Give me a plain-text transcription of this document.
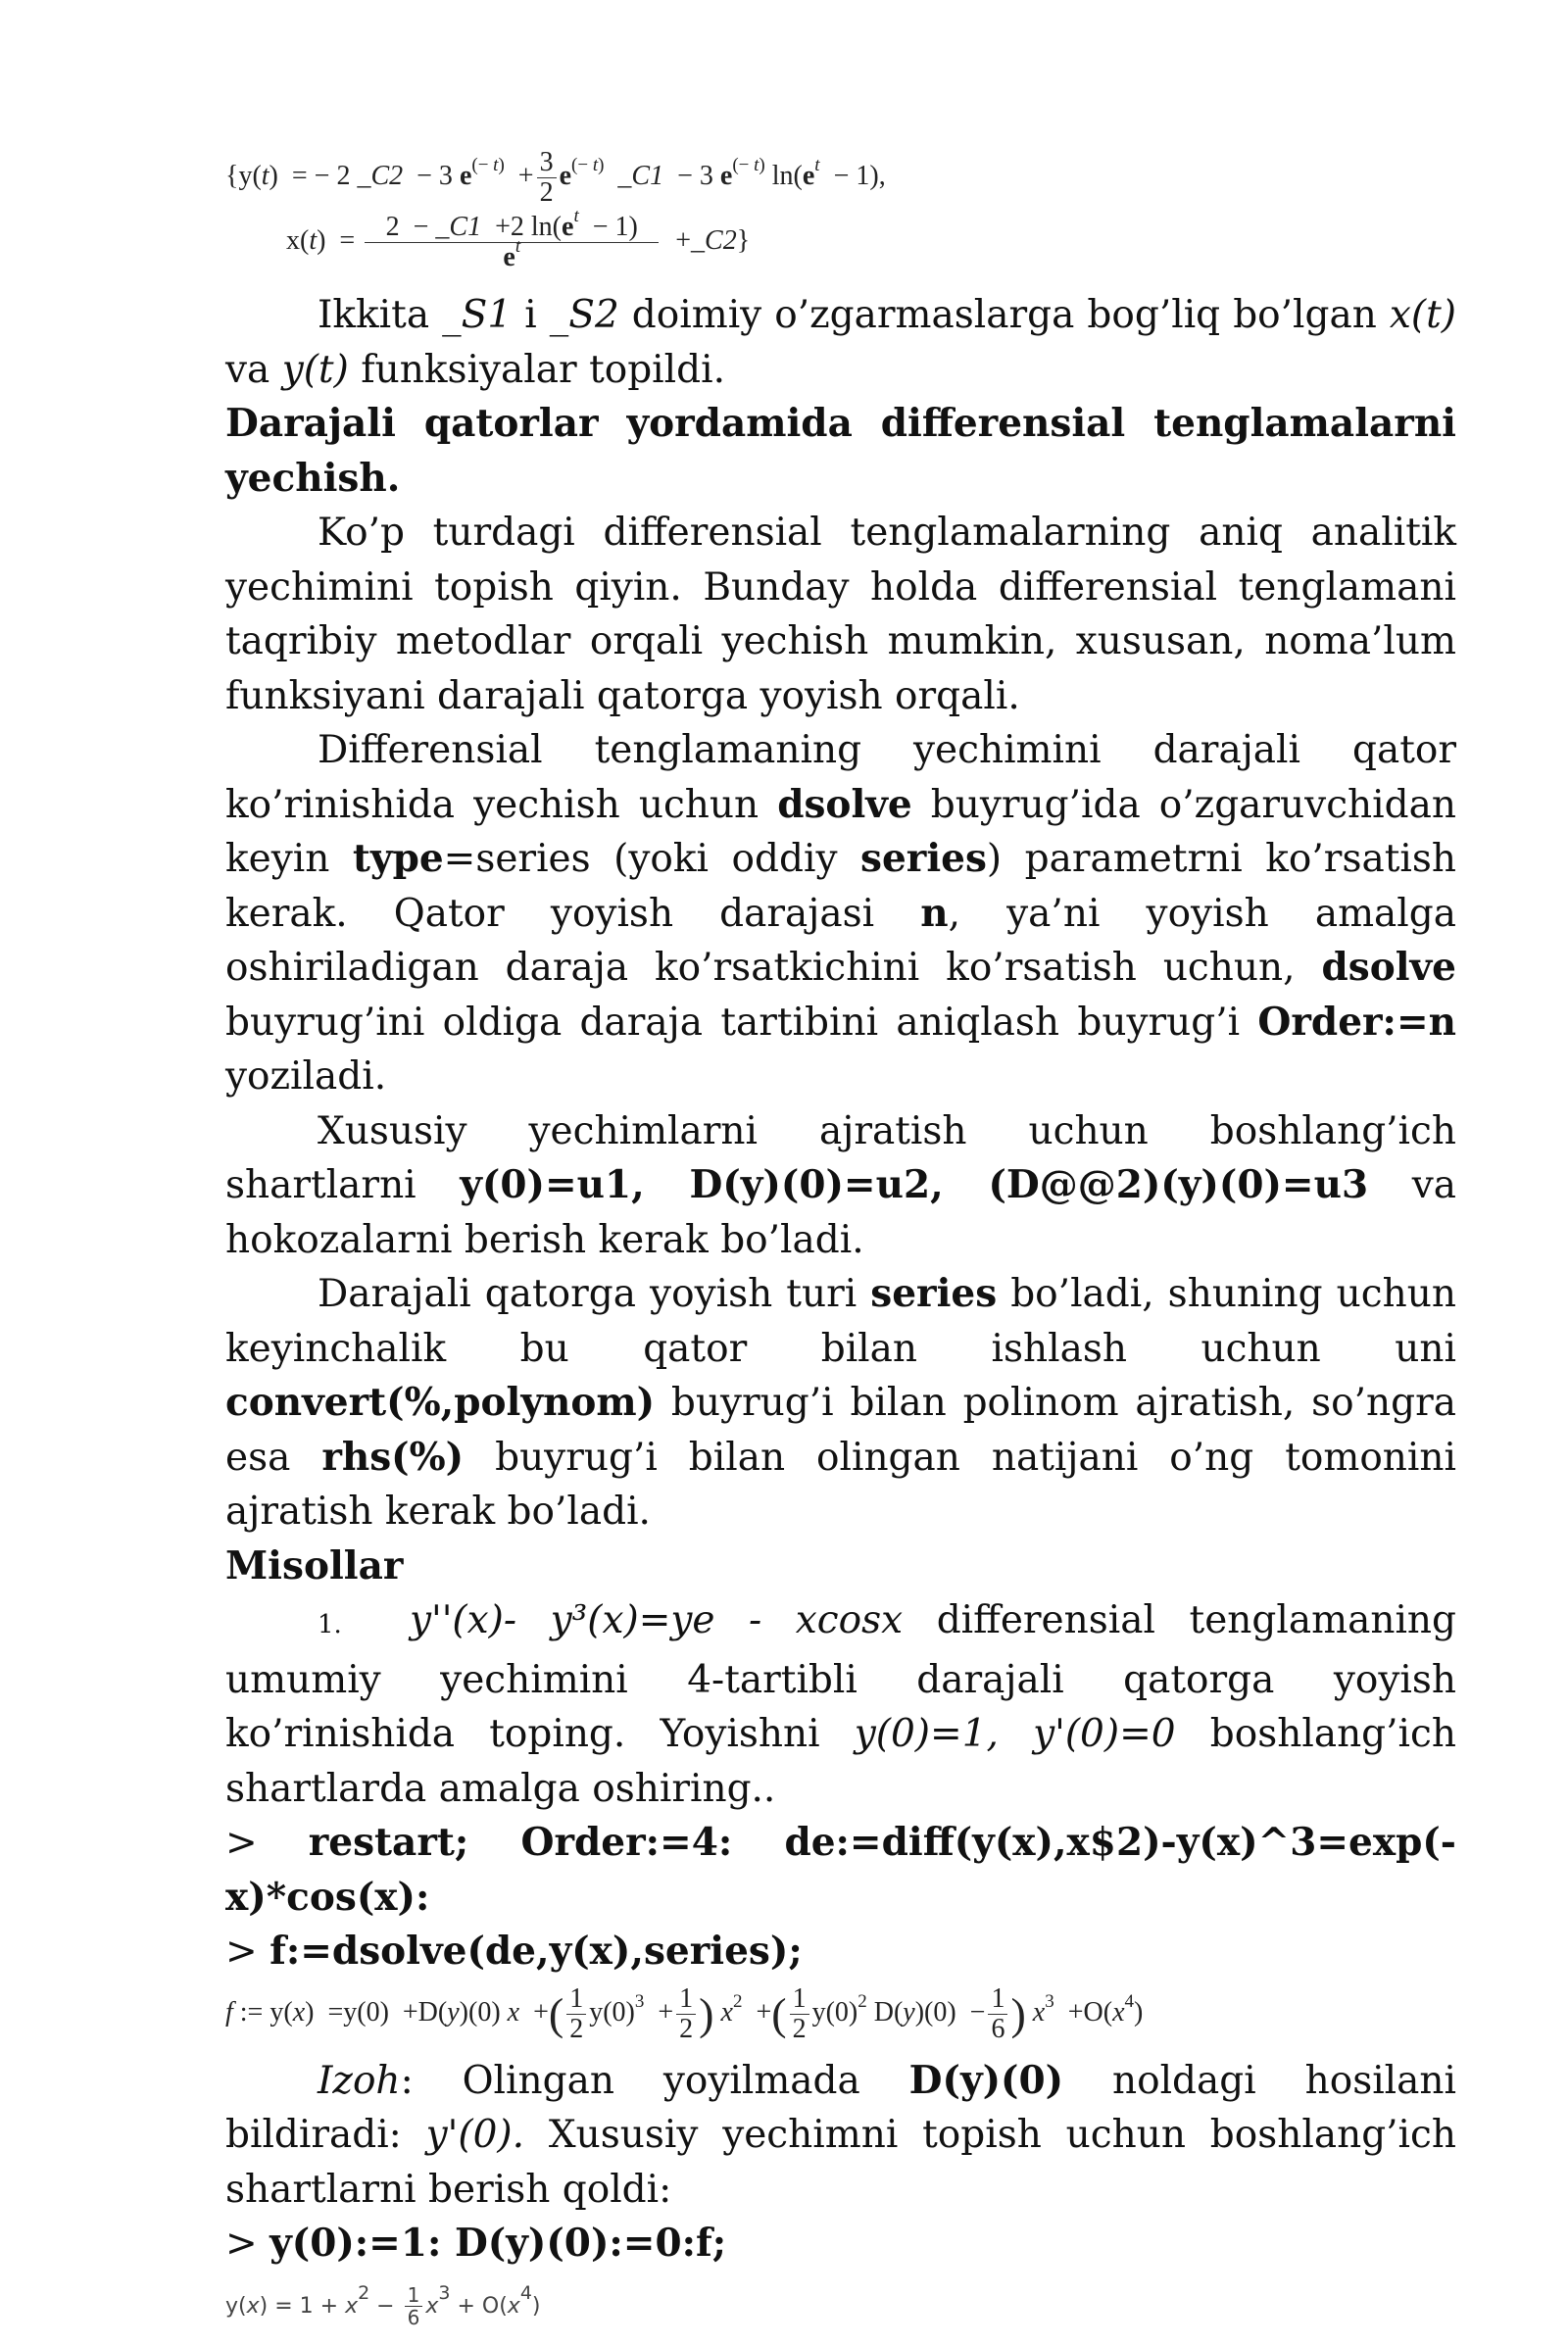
{y(t)  = − 2 _C2  − 3 $e^{(- t)} + \frac{3}{2} e^{(- t)}$  _C1  − 3 $e^{(- t)}$ $\ln(e^t - 1)$,
$x(t) = \frac{2 - \_C1 +2 \ln(e^t - 1)}{e^t}$ +_C2}

Ikkita _S1 i _S2 doimiy o’zgarmaslarga bog’liq bo’lgan x(t) va y(t) funksiyalar topildi.

Darajali qatorlar yordamida differensial tenglamalarni yechish.

Ko’p turdagi differensial tenglamalarning aniq analitik yechimini topish qiyin. Bunday holda differensial tenglamani taqribiy metodlar orqali yechish mumkin, xususan, noma’lum funksiyani darajali qatorga yoyish orqali.

Differensial tenglamaning yechimini darajali qator ko’rinishida yechish uchun dsolve buyrug’ida o’zgaruvchidan keyin type=series (yoki oddiy series) parametrni ko’rsatish kerak. Qator yoyish darajasi n, ya’ni yoyish amalga oshiriladigan daraja ko’rsatkichini ko’rsatish uchun, dsolve buyrug’ini oldiga daraja tartibini aniqlash buyrug’i Order:=n yoziladi.

Xususiy yechimlarni ajratish uchun boshlang’ich shartlarni y(0)=u1, D(y)(0)=u2, (D@@2)(y)(0)=u3 va hokozalarni berish kerak bo’ladi.

Darajali qatorga yoyish turi series bo’ladi, shuning uchun keyinchalik bu qator bilan ishlash uchun uni convert(%,polynom) buyrug’i bilan polinom ajratish, so’ngra esa rhs(%) buyrug’i bilan olingan natijani o’ng tomonini ajratish kerak bo’ladi.

Misollar

1. y''(x)- y³(x)=ye - xcosx differensial tenglamaning umumiy yechimini 4-tartibli darajali qatorga yoyish ko’rinishida toping. Yoyishni y(0)=1, y'(0)=0 boshlang’ich shartlarda amalga oshiring..

> restart; Order:=4: de:=diff(y(x),x$2)-y(x)^3=exp(-x)*cos(x):

> f:=dsolve(de,y(x),series);

f := y(x)  =y(0)  +D(y)(0) x  +( $\frac{1}{2} y(0)^3 + \frac{1}{2}$ ) $x^2$  +( $\frac{1}{2} y(0)^2$ $D(y)(0) - \frac{1}{6}$ ) $x^3 +O(x^4)$

Izoh: Olingan yoyilmada D(y)(0) noldagi hosilani bildiradi: y'(0). Xususiy yechimni topish uchun boshlang’ich shartlarni berish qoldi:

> y(0):=1: D(y)(0):=0:f;

$y(x) = 1 + x^2 - \frac{1}{6} x^3 + O(x^4)$
